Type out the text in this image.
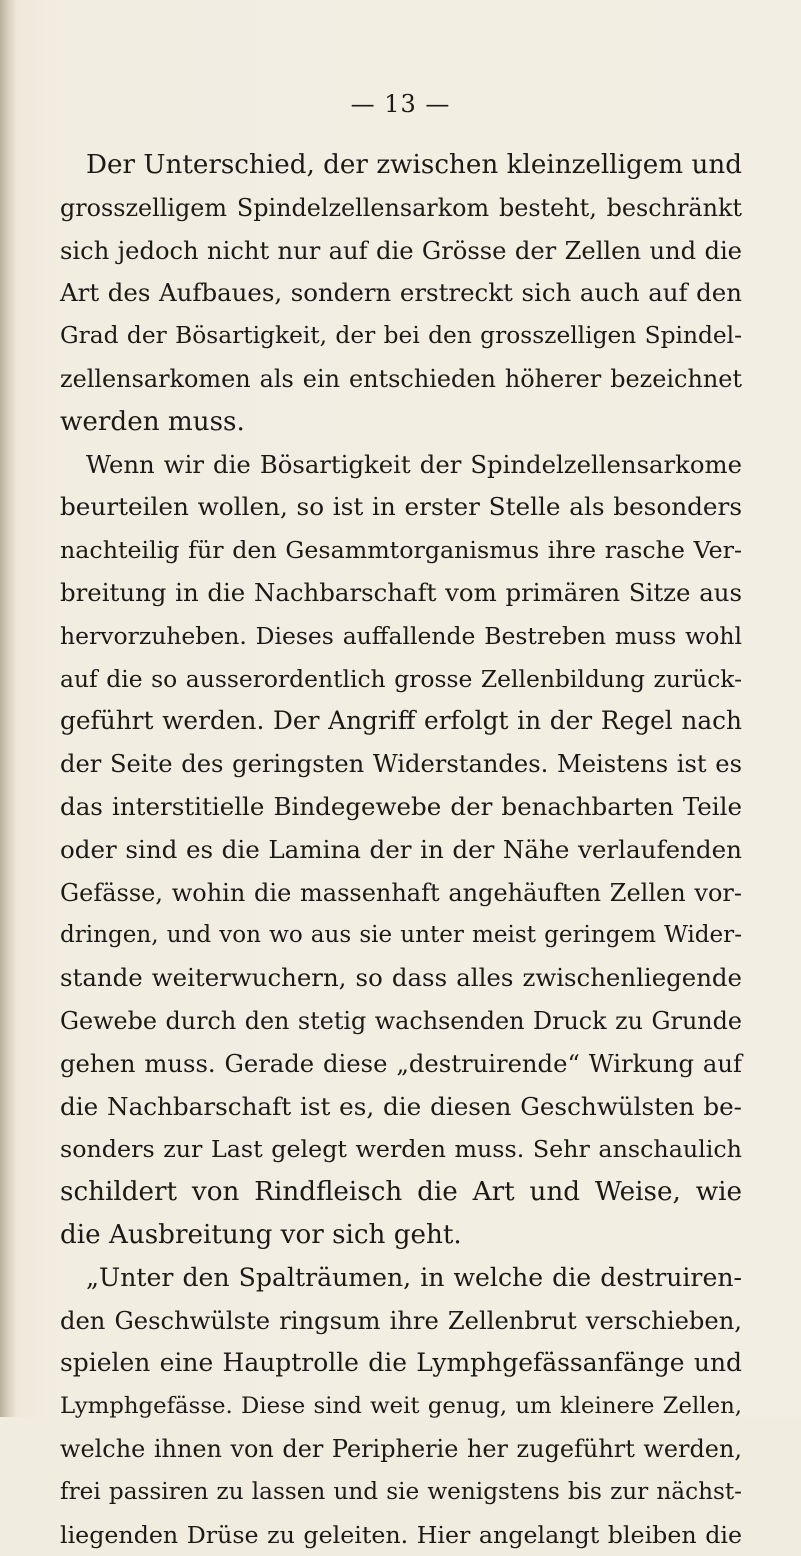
— 13 —
Der Unterschied, der zwischen kleinzelligem und
grosszelligem Spindelzellensarkom besteht, beschränkt
sich jedoch nicht nur auf die Grösse der Zellen und die
Art des Aufbaues, sondern erstreckt sich auch auf den
Grad der Bösartigkeit, der bei den grosszelligen Spindel-
zellensarkomen als ein entschieden höherer bezeichnet
werden muss.
Wenn wir die Bösartigkeit der Spindelzellensarkome
beurteilen wollen, so ist in erster Stelle als besonders
nachteilig für den Gesammtorganismus ihre rasche Ver-
breitung in die Nachbarschaft vom primären Sitze aus
hervorzuheben. Dieses auffallende Bestreben muss wohl
auf die so ausserordentlich grosse Zellenbildung zurück-
geführt werden. Der Angriff erfolgt in der Regel nach
der Seite des geringsten Widerstandes. Meistens ist es
das interstitielle Bindegewebe der benachbarten Teile
oder sind es die Lamina der in der Nähe verlaufenden
Gefässe, wohin die massenhaft angehäuften Zellen vor-
dringen, und von wo aus sie unter meist geringem Wider-
stande weiterwuchern, so dass alles zwischenliegende
Gewebe durch den stetig wachsenden Druck zu Grunde
gehen muss. Gerade diese „destruirende“ Wirkung auf
die Nachbarschaft ist es, die diesen Geschwülsten be-
sonders zur Last gelegt werden muss. Sehr anschaulich
schildert von Rindfleisch die Art und Weise, wie
die Ausbreitung vor sich geht.
„Unter den Spalträumen, in welche die destruiren-
den Geschwülste ringsum ihre Zellenbrut verschieben,
spielen eine Hauptrolle die Lymphgefässanfänge und
Lymphgefässe. Diese sind weit genug, um kleinere Zellen,
welche ihnen von der Peripherie her zugeführt werden,
frei passiren zu lassen und sie wenigstens bis zur nächst-
liegenden Drüse zu geleiten. Hier angelangt bleiben die
